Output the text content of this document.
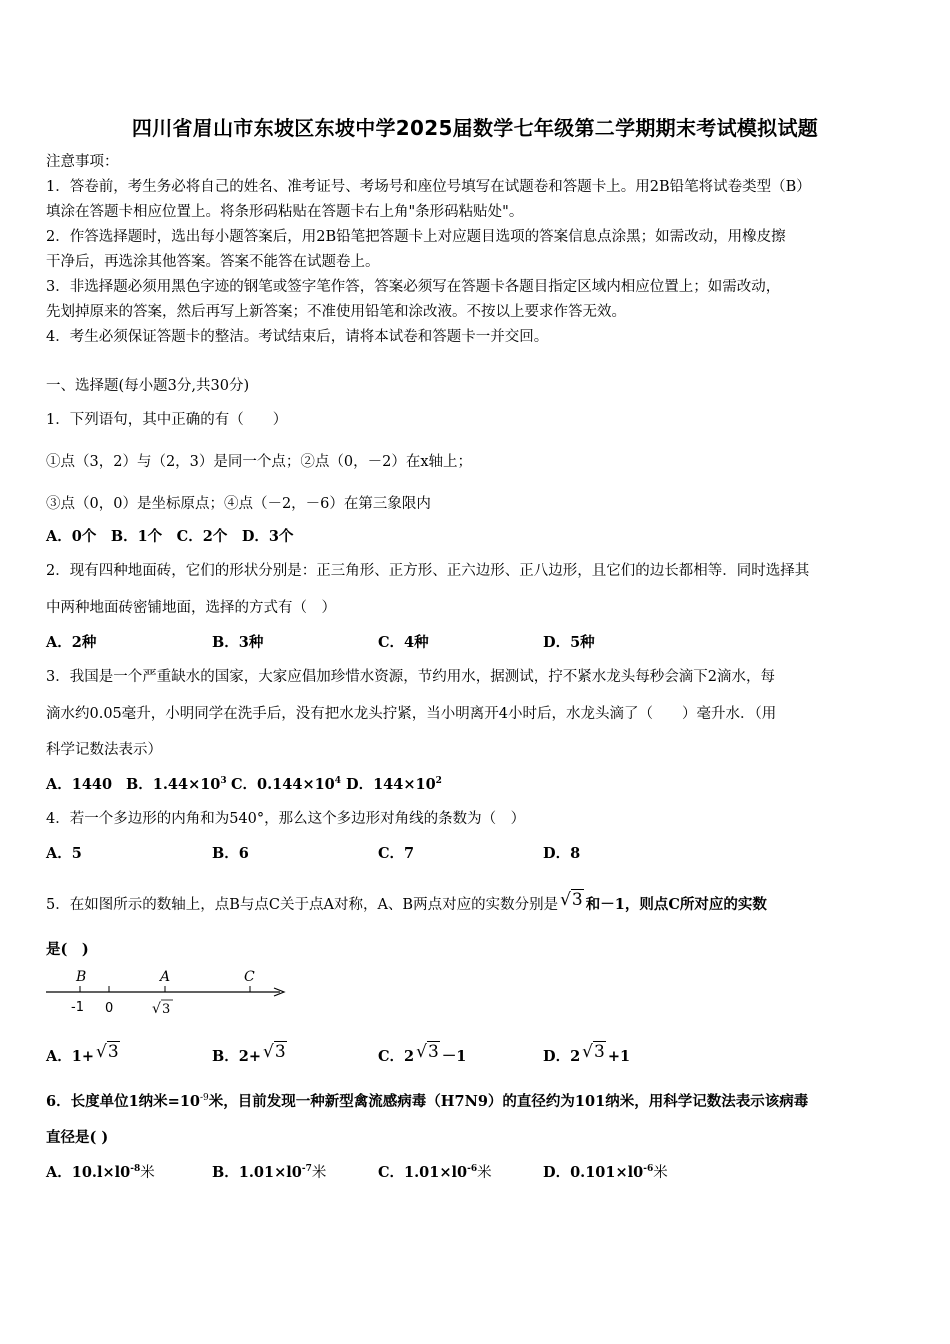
四川省眉山市东坡区东坡中学2025届数学七年级第二学期期末考试模拟试题
注意事项：
1．答卷前，考生务必将自己的姓名、准考证号、考场号和座位号填写在试题卷和答题卡上。用2B铅笔将试卷类型（B）
填涂在答题卡相应位置上。将条形码粘贴在答题卡右上角"条形码粘贴处"。
2．作答选择题时，选出每小题答案后，用2B铅笔把答题卡上对应题目选项的答案信息点涂黑；如需改动，用橡皮擦
干净后，再选涂其他答案。答案不能答在试题卷上。
3．非选择题必须用黑色字迹的钢笔或签字笔作答，答案必须写在答题卡各题目指定区域内相应位置上；如需改动，
先划掉原来的答案，然后再写上新答案；不准使用铅笔和涂改液。不按以上要求作答无效。
4．考生必须保证答题卡的整洁。考试结束后，请将本试卷和答题卡一并交回。
一、选择题(每小题3分,共30分)
1．下列语句，其中正确的有（　　）
①点（3，2）与（2，3）是同一个点；②点（0，－2）在x轴上；
③点（0，0）是坐标原点；④点（－2，－6）在第三象限内
A．0个　B．1个　C．2个　D．3个
2．现有四种地面砖，它们的形状分别是：正三角形、正方形、正六边形、正八边形，且它们的边长都相等．同时选择其
中两种地面砖密铺地面，选择的方式有（　）
A．2种	B．3种	C．4种	D．5种
3．我国是一个严重缺水的国家，大家应倡加珍惜水资源，节约用水，据测试，拧不紧水龙头每秒会滴下2滴水，每
滴水约0.05毫升，小明同学在洗手后，没有把水龙头拧紧，当小明离开4小时后，水龙头滴了（　　）毫升水．（用
科学记数法表示）
A．1440 B．$1.44\times 10^3$ C．$0.144\times 10^4$ D．$144\times 10^2$
4．若一个多边形的内角和为540°，那么这个多边形对角线的条数为（　）
A．5	B．6	C．7	D．8
5．在如图所示的数轴上，点B与点C关于点A对称，A、B两点对应的实数分别是 √3 和－1，则点C所对应的实数
是(　)
B	A	C
-1 0	√ 3
A．1+ √3	B．2+ √3	C．2 √3 －1	D．2 √3 +1
6．长度单位1纳米$=10^{-9}$米，目前发现一种新型禽流感病毒（H7N9）的直径约为101纳米，用科学记数法表示该病毒
直径是( )
A．$10.l\times l0^{-8}$米	B．$1.01\times l0^{-7}$米	C．$1.01\times l0^{-6}$米	D．$0.101\times l0^{-6}$米
